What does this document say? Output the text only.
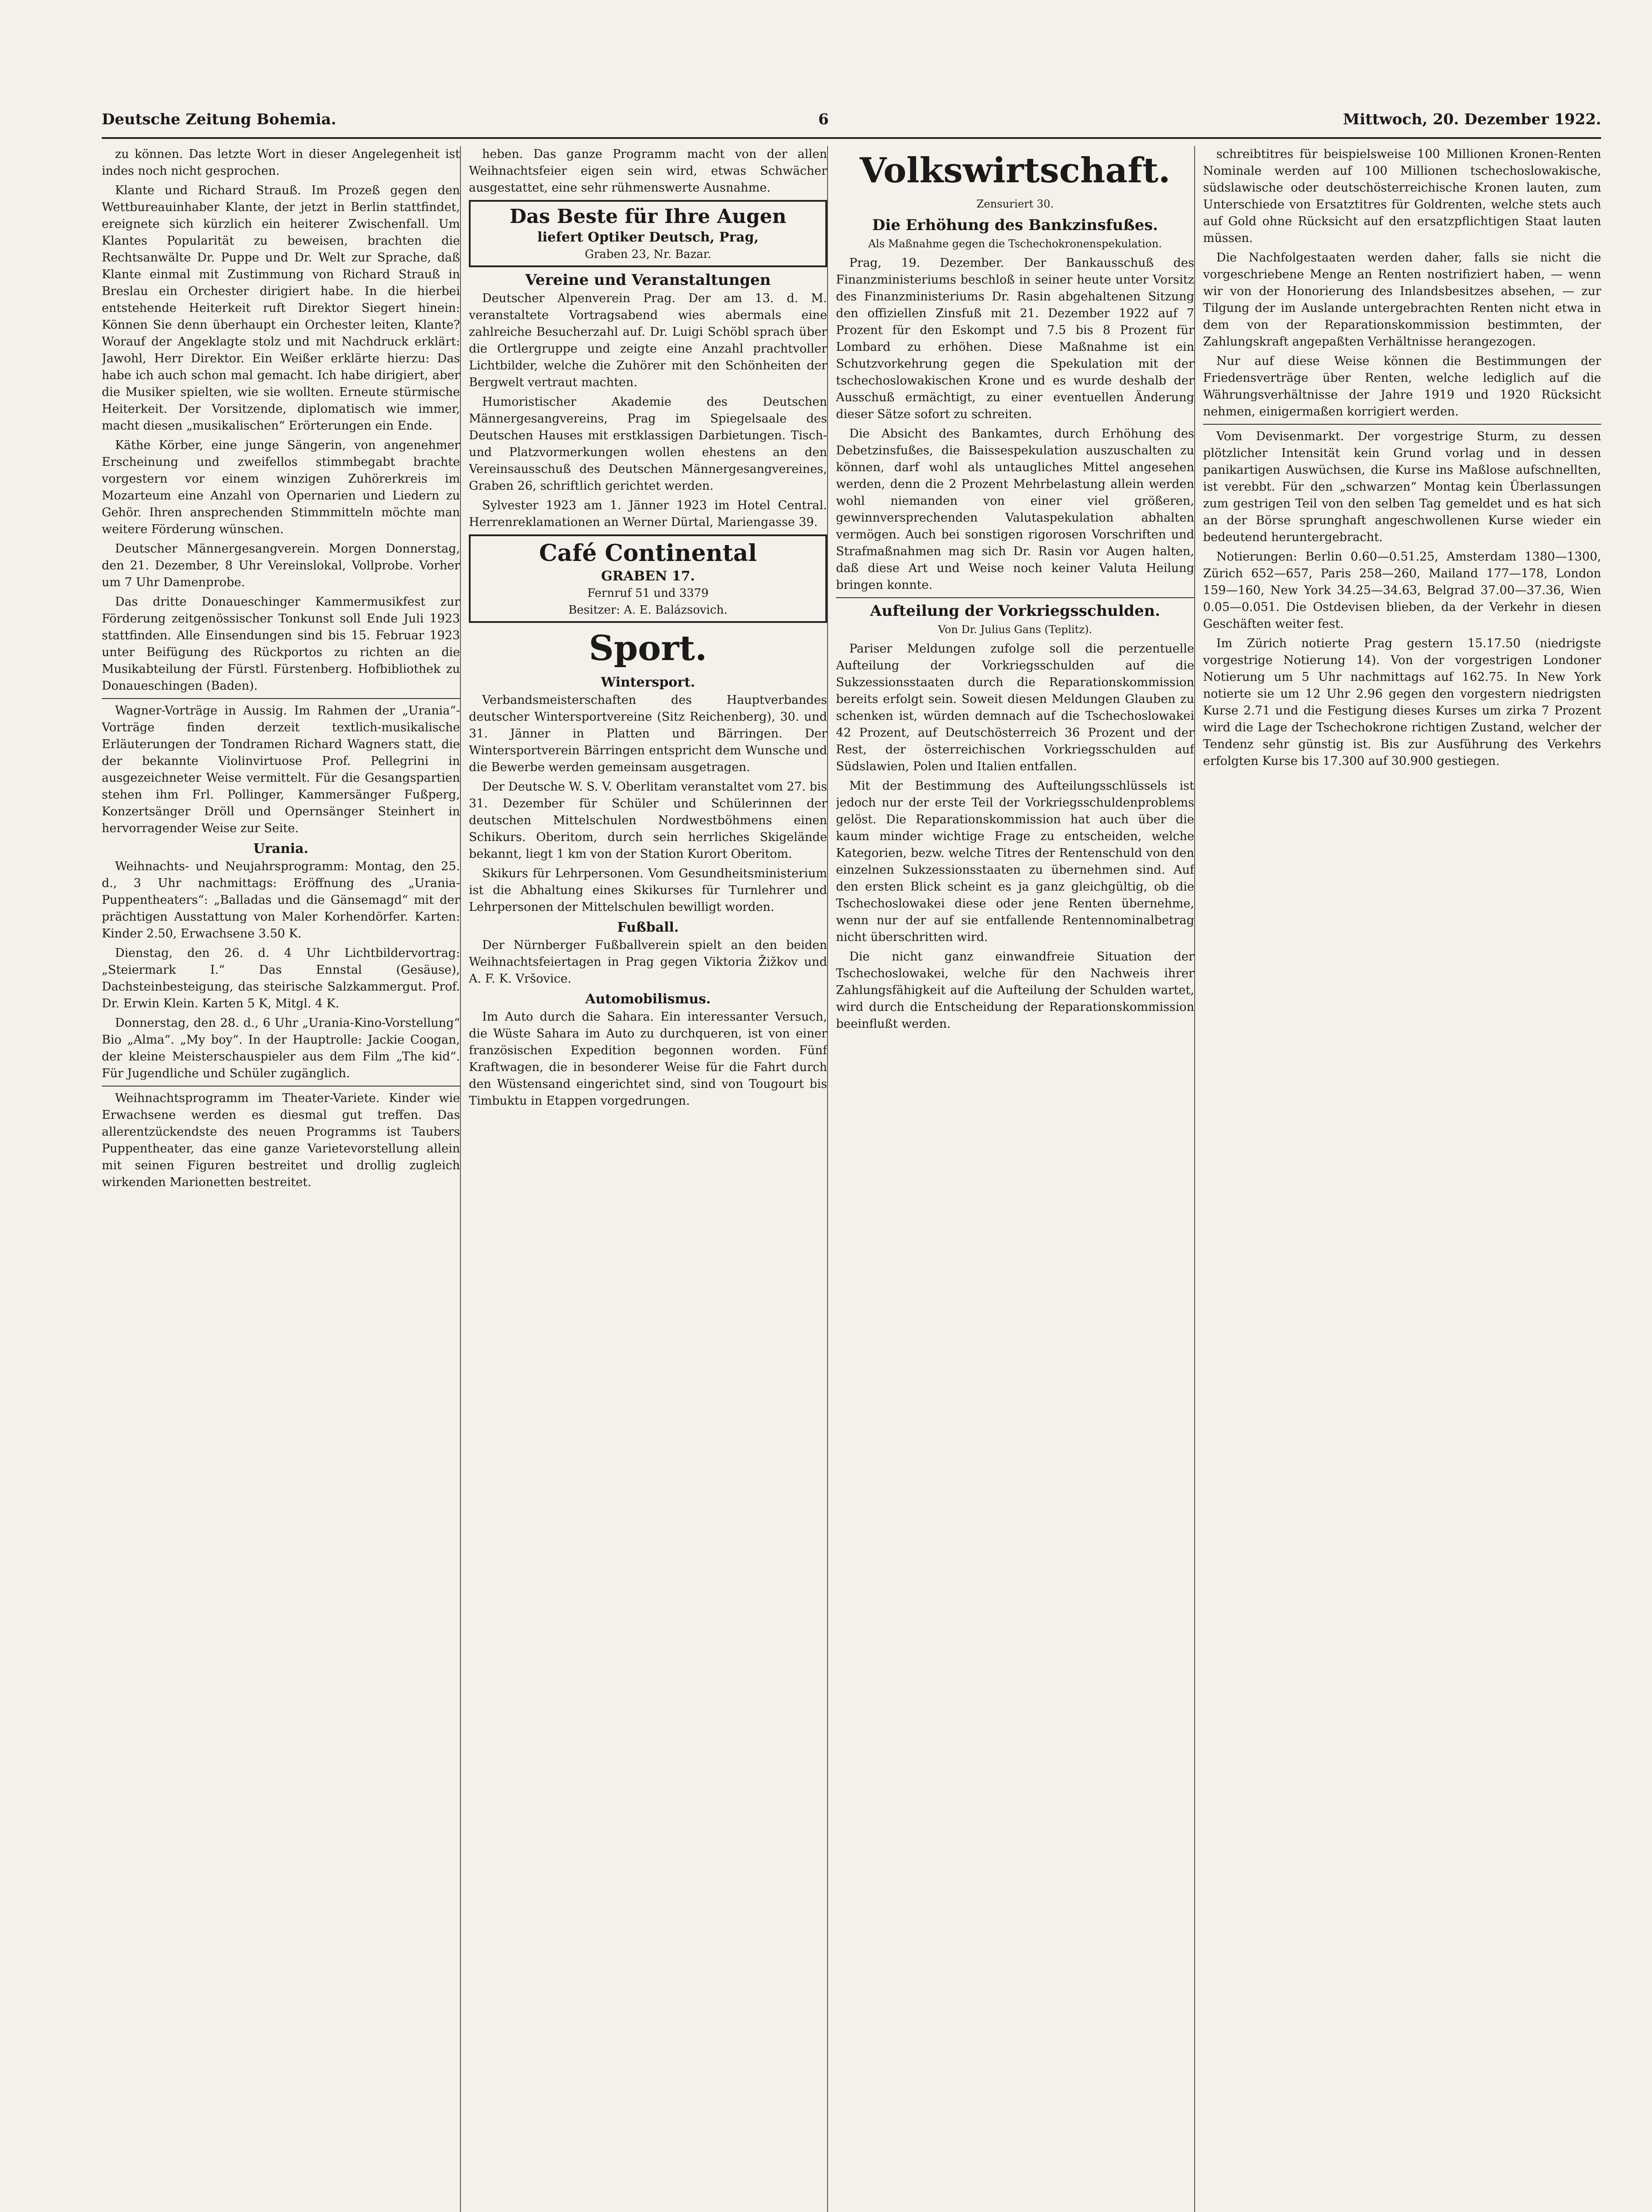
Deutsche Zeitung Bohemia.	6	Mittwoch, 20. Dezember 1922.

zu können. Das letzte Wort in dieser Angelegenheit ist indes noch nicht gesprochen.

Klante und Richard Strauß. Im Prozeß gegen den Wettbureauinhaber Klante, der jetzt in Berlin stattfindet, ereignete sich kürzlich ein heiterer Zwischenfall. Um Klantes Popularität zu beweisen, brachten die Rechtsanwälte Dr. Puppe und Dr. Welt zur Sprache, daß Klante einmal mit Zustimmung von Richard Strauß in Breslau ein Orchester dirigiert habe. In die hierbei entstehende Heiterkeit ruft Direktor Siegert hinein: Können Sie denn überhaupt ein Orchester leiten, Klante? Worauf der Angeklagte stolz und mit Nachdruck erklärt: Jawohl, Herr Direktor. Ein Weißer erklärte hierzu: Das habe ich auch schon mal gemacht. Ich habe dirigiert, aber die Musiker spielten, wie sie wollten. Erneute stürmische Heiterkeit. Der Vorsitzende, diplomatisch wie immer, macht diesen „musikalischen“ Erörterungen ein Ende.

Käthe Körber, eine junge Sängerin, von angenehmer Erscheinung und zweifellos stimmbegabt brachte vorgestern vor einem winzigen Zuhörerkreis im Mozarteum eine Anzahl von Opernarien und Liedern zu Gehör. Ihren ansprechenden Stimmmitteln möchte man weitere Förderung wünschen.

Deutscher Männergesangverein. Morgen Donnerstag, den 21. Dezember, 8 Uhr Vereinslokal, Vollprobe. Vorher um 7 Uhr Damenprobe.

Das dritte Donaueschinger Kammermusikfest zur Förderung zeitgenössischer Tonkunst soll Ende Juli 1923 stattfinden. Alle Einsendungen sind bis 15. Februar 1923 unter Beifügung des Rückportos zu richten an die Musikabteilung der Fürstl. Fürstenberg. Hofbibliothek zu Donaueschingen (Baden).

Wagner-Vorträge in Aussig. Im Rahmen der „Urania“-Vorträge finden derzeit textlich-musikalische Erläuterungen der Tondramen Richard Wagners statt, die der bekannte Violinvirtuose Prof. Pellegrini in ausgezeichneter Weise vermittelt. Für die Gesangspartien stehen ihm Frl. Pollinger, Kammersänger Fußperg, Konzertsänger Dröll und Opernsänger Steinhert in hervorragender Weise zur Seite.

Urania.

Weihnachts- und Neujahrsprogramm: Montag, den 25. d., 3 Uhr nachmittags: Eröffnung des „Urania-Puppentheaters“: „Balladas und die Gänsemagd“ mit der prächtigen Ausstattung von Maler Korhendörfer. Karten: Kinder 2.50, Erwachsene 3.50 K.

Dienstag, den 26. d. 4 Uhr Lichtbildervortrag: „Steiermark I.“ Das Ennstal (Gesäuse), Dachsteinbesteigung, das steirische Salzkammergut. Prof. Dr. Erwin Klein. Karten 5 K, Mitgl. 4 K.

Donnerstag, den 28. d., 6 Uhr „Urania-Kino-Vorstellung“ Bio „Alma“. „My boy“. In der Hauptrolle: Jackie Coogan, der kleine Meisterschauspieler aus dem Film „The kid“. Für Jugendliche und Schüler zugänglich.

Weihnachtsprogramm im Theater-Variete. Kinder wie Erwachsene werden es diesmal gut treffen. Das allerentzückendste des neuen Programms ist Taubers Puppentheater, das eine ganze Varietevorstellung allein mit seinen Figuren bestreitet und drollig zugleich wirkenden Marionetten bestreitet.

heben. Das ganze Programm macht von der allen Weihnachtsfeier eigen sein wird, etwas Schwächer ausgestattet, eine sehr rühmenswerte Ausnahme.

Das Beste für Ihre Augen
liefert Optiker Deutsch, Prag,
Graben 23, Nr. Bazar.
Vereine und Veranstaltungen

Deutscher Alpenverein Prag. Der am 13. d. M. veranstaltete Vortragsabend wies abermals eine zahlreiche Besucherzahl auf. Dr. Luigi Schöbl sprach über die Ortlergruppe und zeigte eine Anzahl prachtvoller Lichtbilder, welche die Zuhörer mit den Schönheiten der Bergwelt vertraut machten.

Humoristischer Akademie des Deutschen Männergesangvereins, Prag im Spiegelsaale des Deutschen Hauses mit erstklassigen Darbietungen. Tisch- und Platzvormerkungen wollen ehestens an den Vereinsausschuß des Deutschen Männergesangvereines, Graben 26, schriftlich gerichtet werden.

Sylvester 1923 am 1. Jänner 1923 im Hotel Central. Herrenreklamationen an Werner Dürtal, Mariengasse 39.

Café Continental
GRABEN 17.
Fernruf 51 und 3379
Besitzer: A. E. Balázsovich.
Sport.
Wintersport.

Verbandsmeisterschaften des Hauptverbandes deutscher Wintersportvereine (Sitz Reichenberg), 30. und 31. Jänner in Platten und Bärringen. Der Wintersportverein Bärringen entspricht dem Wunsche und die Bewerbe werden gemeinsam ausgetragen.

Der Deutsche W. S. V. Oberlitam veranstaltet vom 27. bis 31. Dezember für Schüler und Schülerinnen der deutschen Mittelschulen Nordwestböhmens einen Schikurs. Oberitom, durch sein herrliches Skigelände bekannt, liegt 1 km von der Station Kurort Oberitom.

Skikurs für Lehrpersonen. Vom Gesundheitsministerium ist die Abhaltung eines Skikurses für Turnlehrer und Lehrpersonen der Mittelschulen bewilligt worden.

Fußball.

Der Nürnberger Fußballverein spielt an den beiden Weihnachtsfeiertagen in Prag gegen Viktoria Žižkov und A. F. K. Vršovice.

Automobilismus.

Im Auto durch die Sahara. Ein interessanter Versuch, die Wüste Sahara im Auto zu durchqueren, ist von einer französischen Expedition begonnen worden. Fünf Kraftwagen, die in besonderer Weise für die Fahrt durch den Wüstensand eingerichtet sind, sind von Tougourt bis Timbuktu in Etappen vorgedrungen.

Volkswirtschaft.
Zensuriert 30.
Die Erhöhung des Bankzinsfußes.
Als Maßnahme gegen die Tschechokronenspekulation.

Prag, 19. Dezember. Der Bankausschuß des Finanzministeriums beschloß in seiner heute unter Vorsitz des Finanzministeriums Dr. Rasin abgehaltenen Sitzung den offiziellen Zinsfuß mit 21. Dezember 1922 auf 7 Prozent für den Eskompt und 7.5 bis 8 Prozent für Lombard zu erhöhen. Diese Maßnahme ist ein Schutzvorkehrung gegen die Spekulation mit der tschechoslowakischen Krone und es wurde deshalb der Ausschuß ermächtigt, zu einer eventuellen Änderung dieser Sätze sofort zu schreiten.

Die Absicht des Bankamtes, durch Erhöhung des Debetzinsfußes, die Baissespekulation auszuschalten zu können, darf wohl als untaugliches Mittel angesehen werden, denn die 2 Prozent Mehrbelastung allein werden wohl niemanden von einer viel größeren, gewinnversprechenden Valutaspekulation abhalten vermögen. Auch bei sonstigen rigorosen Vorschriften und Strafmaßnahmen mag sich Dr. Rasin vor Augen halten, daß diese Art und Weise noch keiner Valuta Heilung bringen konnte.

Aufteilung der Vorkriegsschulden.
Von Dr. Julius Gans (Teplitz).

Pariser Meldungen zufolge soll die perzentuelle Aufteilung der Vorkriegsschulden auf die Sukzessionsstaaten durch die Reparationskommission bereits erfolgt sein. Soweit diesen Meldungen Glauben zu schenken ist, würden demnach auf die Tschechoslowakei 42 Prozent, auf Deutschösterreich 36 Prozent und der Rest, der österreichischen Vorkriegsschulden auf Südslawien, Polen und Italien entfallen.

Mit der Bestimmung des Aufteilungsschlüssels ist jedoch nur der erste Teil der Vorkriegsschuldenproblems gelöst. Die Reparationskommission hat auch über die kaum minder wichtige Frage zu entscheiden, welche Kategorien, bezw. welche Titres der Rentenschuld von den einzelnen Sukzessionsstaaten zu übernehmen sind. Auf den ersten Blick scheint es ja ganz gleichgültig, ob die Tschechoslowakei diese oder jene Renten übernehme, wenn nur der auf sie entfallende Rentennominalbetrag nicht überschritten wird.

Die nicht ganz einwandfreie Situation der Tschechoslowakei, welche für den Nachweis ihrer Zahlungsfähigkeit auf die Aufteilung der Schulden wartet, wird durch die Entscheidung der Reparationskommission beeinflußt werden.

schreibtitres für beispielsweise 100 Millionen Kronen-Renten Nominale werden auf 100 Millionen tschechoslowakische, südslawische oder deutschösterreichische Kronen lauten, zum Unterschiede von Ersatztitres für Goldrenten, welche stets auch auf Gold ohne Rücksicht auf den ersatzpflichtigen Staat lauten müssen.

Die Nachfolgestaaten werden daher, falls sie nicht die vorgeschriebene Menge an Renten nostrifiziert haben, — wenn wir von der Honorierung des Inlandsbesitzes absehen, — zur Tilgung der im Auslande untergebrachten Renten nicht etwa in dem von der Reparationskommission bestimmten, der Zahlungskraft angepaßten Verhältnisse herangezogen.

Nur auf diese Weise können die Bestimmungen der Friedensverträge über Renten, welche lediglich auf die Währungsverhältnisse der Jahre 1919 und 1920 Rücksicht nehmen, einigermaßen korrigiert werden.

Vom Devisenmarkt. Der vorgestrige Sturm, zu dessen plötzlicher Intensität kein Grund vorlag und in dessen panikartigen Auswüchsen, die Kurse ins Maßlose aufschnellten, ist verebbt. Für den „schwarzen“ Montag kein Überlassungen zum gestrigen Teil von den selben Tag gemeldet und es hat sich an der Börse sprunghaft angeschwollenen Kurse wieder ein bedeutend heruntergebracht.

Notierungen: Berlin 0.60—0.51.25, Amsterdam 1380—1300, Zürich 652—657, Paris 258—260, Mailand 177—178, London 159—160, New York 34.25—34.63, Belgrad 37.00—37.36, Wien 0.05—0.051. Die Ostdevisen blieben, da der Verkehr in diesen Geschäften weiter fest.

Im Zürich notierte Prag gestern 15.17.50 (niedrigste vorgestrige Notierung 14). Von der vorgestrigen Londoner Notierung um 5 Uhr nachmittags auf 162.75. In New York notierte sie um 12 Uhr 2.96 gegen den vorgestern niedrigsten Kurse 2.71 und die Festigung dieses Kurses um zirka 7 Prozent wird die Lage der Tschechokrone richtigen Zustand, welcher der Tendenz sehr günstig ist. Bis zur Ausführung des Verkehrs erfolgten Kurse bis 17.300 auf 30.900 gestiegen.
